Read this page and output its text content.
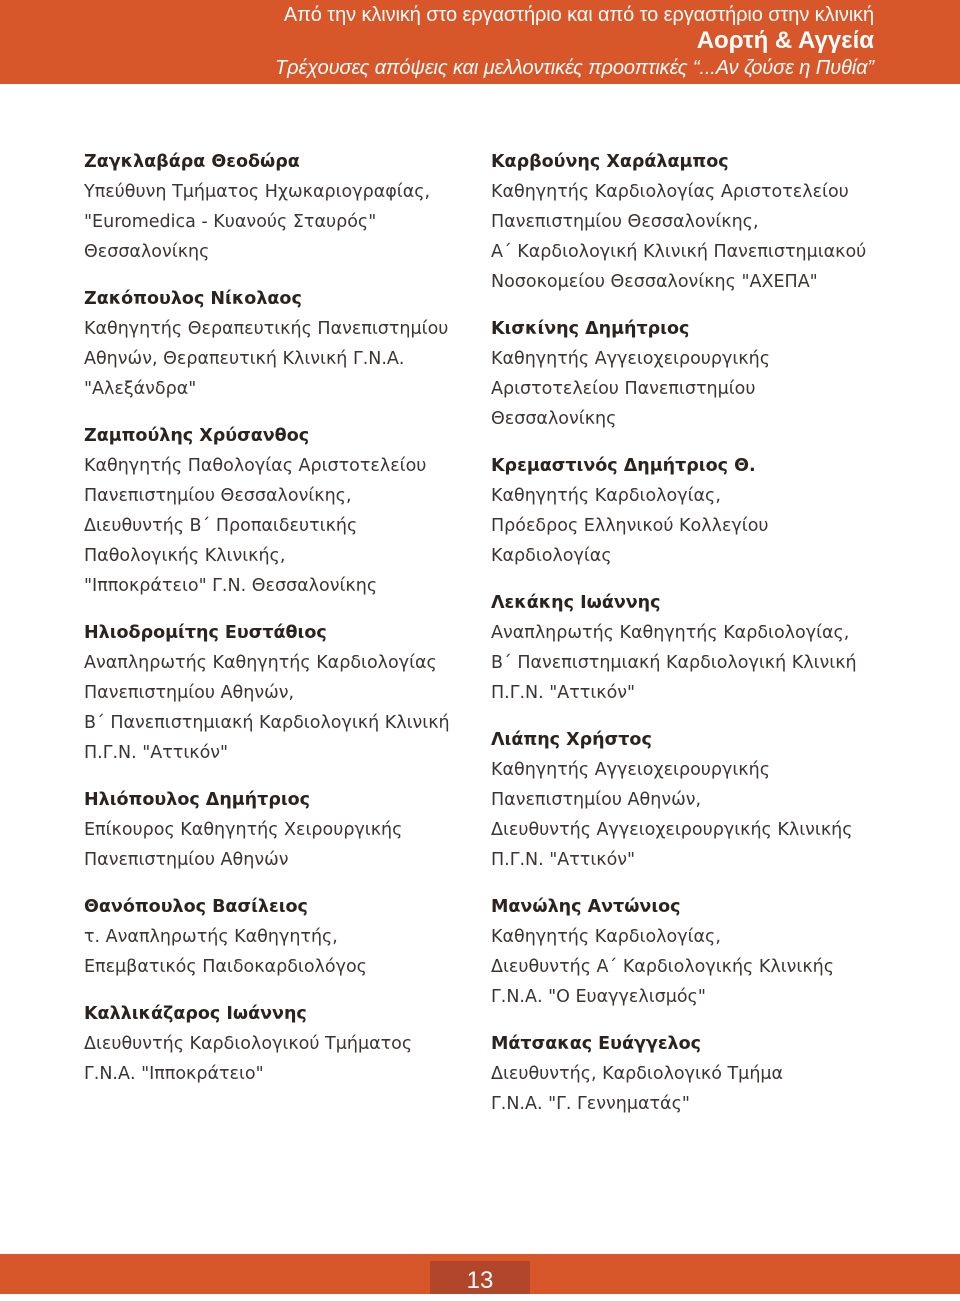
Από την κλινική στο εργαστήριο και από το εργαστήριο στην κλινική
Αορτή & Αγγεία
Τρέχουσες απόψεις και μελλοντικές προοπτικές “...Αν ζούσε η Πυθία”

Ζαγκλαβάρα Θεοδώρα

Υπεύθυνη Τμήματος Ηχωκαριογραφίας,
"Euromedica - Κυανούς Σταυρός"
Θεσσαλονίκης

Ζακόπουλος Νίκολαος

Καθηγητής Θεραπευτικής Πανεπιστημίου
Αθηνών, Θεραπευτική Κλινική Γ.Ν.Α.
"Αλεξάνδρα"

Ζαμπούλης Χρύσανθος

Καθηγητής Παθολογίας Αριστοτελείου
Πανεπιστημίου Θεσσαλονίκης,
Διευθυντής Β΄ Προπαιδευτικής
Παθολογικής Κλινικής,
"Ιπποκράτειο" Γ.Ν. Θεσσαλονίκης

Ηλιοδρομίτης Ευστάθιος

Αναπληρωτής Καθηγητής Καρδιολογίας
Πανεπιστημίου Αθηνών,
Β΄ Πανεπιστημιακή Καρδιολογική Κλινική
Π.Γ.Ν. "Αττικόν"

Ηλιόπουλος Δημήτριος

Επίκουρος Καθηγητής Χειρουργικής
Πανεπιστημίου Αθηνών

Θανόπουλος Βασίλειος

τ. Αναπληρωτής Καθηγητής,
Επεμβατικός Παιδοκαρδιολόγος

Καλλικάζαρος Ιωάννης

Διευθυντής Καρδιολογικού Τμήματος
Γ.Ν.Α. "Ιπποκράτειο"

Καρβούνης Χαράλαμπος

Καθηγητής Καρδιολογίας Αριστοτελείου
Πανεπιστημίου Θεσσαλονίκης,
Α΄ Καρδιολογική Κλινική Πανεπιστημιακού
Νοσοκομείου Θεσσαλονίκης "ΑΧΕΠΑ"

Κισκίνης Δημήτριος

Καθηγητής Αγγειοχειρουργικής
Αριστοτελείου Πανεπιστημίου
Θεσσαλονίκης

Κρεμαστινός Δημήτριος Θ.

Καθηγητής Καρδιολογίας,
Πρόεδρος Ελληνικού Κολλεγίου
Καρδιολογίας

Λεκάκης Ιωάννης

Αναπληρωτής Καθηγητής Καρδιολογίας,
Β΄ Πανεπιστημιακή Καρδιολογική Κλινική
Π.Γ.Ν. "Αττικόν"

Λιάπης Χρήστος

Καθηγητής Αγγειοχειρουργικής
Πανεπιστημίου Αθηνών,
Διευθυντής Αγγειοχειρουργικής Κλινικής
Π.Γ.Ν. "Αττικόν"

Μανώλης Αντώνιος

Καθηγητής Καρδιολογίας,
Διευθυντής Α΄ Καρδιολογικής Κλινικής
Γ.Ν.Α. "Ο Ευαγγελισμός"

Μάτσακας Ευάγγελος

Διευθυντής, Καρδιολογικό Τμήμα
Γ.Ν.Α. "Γ. Γεννηματάς"

13
